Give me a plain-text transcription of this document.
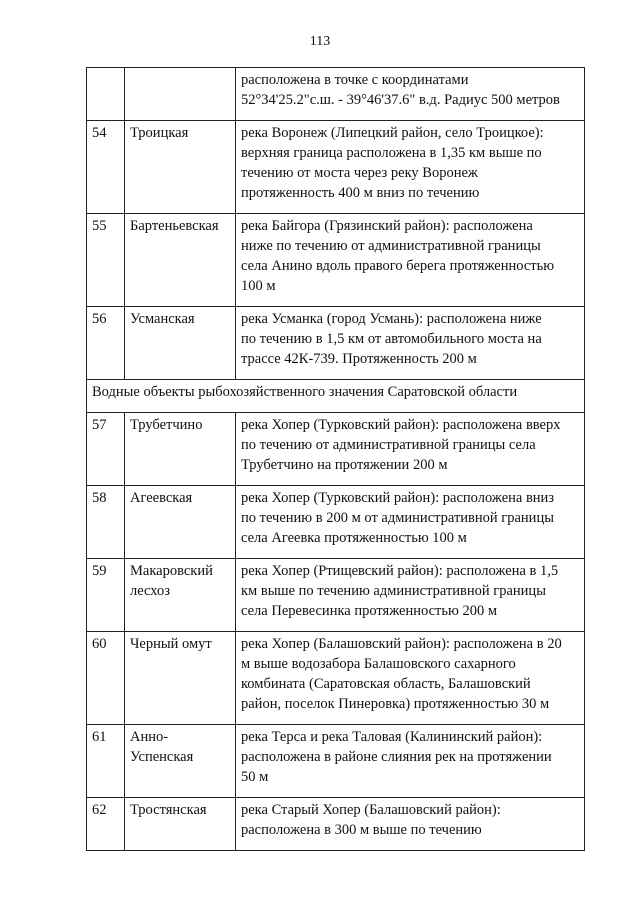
113

		расположена в точке с координатами
52°34'25.2"с.ш. - 39°46'37.6" в.д. Радиус 500 метров

54	Троицкая	река Воронеж (Липецкий район, село Троицкое):
верхняя граница расположена в 1,35 км выше по
течению от моста через реку Воронеж
протяженность 400 м вниз по течению

55	Бартеньевская	река Байгора (Грязинский район): расположена
ниже по течению от административной границы
села Анино вдоль правого берега протяженностью
100 м

56	Усманская	река Усманка (город Усмань): расположена ниже
по течению в 1,5 км от автомобильного моста на
трассе 42К-739. Протяженность 200 м

Водные объекты рыбохозяйственного значения Саратовской области		
57	Трубетчино	река Хопер (Турковский район): расположена вверх
по течению от административной границы села
Трубетчино на протяжении 200 м

58	Агеевская	река Хопер (Турковский район): расположена вниз
по течению в 200 м от административной границы
села Агеевка протяженностью 100 м

59	Макаровский
лесхоз	река Хопер (Ртищевский район): расположена в 1,5
км выше по течению административной границы
села Перевесинка протяженностью 200 м

60	Черный омут	река Хопер (Балашовский район): расположена в 20
м выше водозабора Балашовского сахарного
комбината (Саратовская область, Балашовский
район, поселок Пинеровка) протяженностью 30 м

61	Анно-
Успенская	река Терса и река Таловая (Калининский район):
расположена в районе слияния рек на протяжении
50 м

62	Тростянская	река Старый Хопер (Балашовский район):
расположена в 300 м выше по течению
